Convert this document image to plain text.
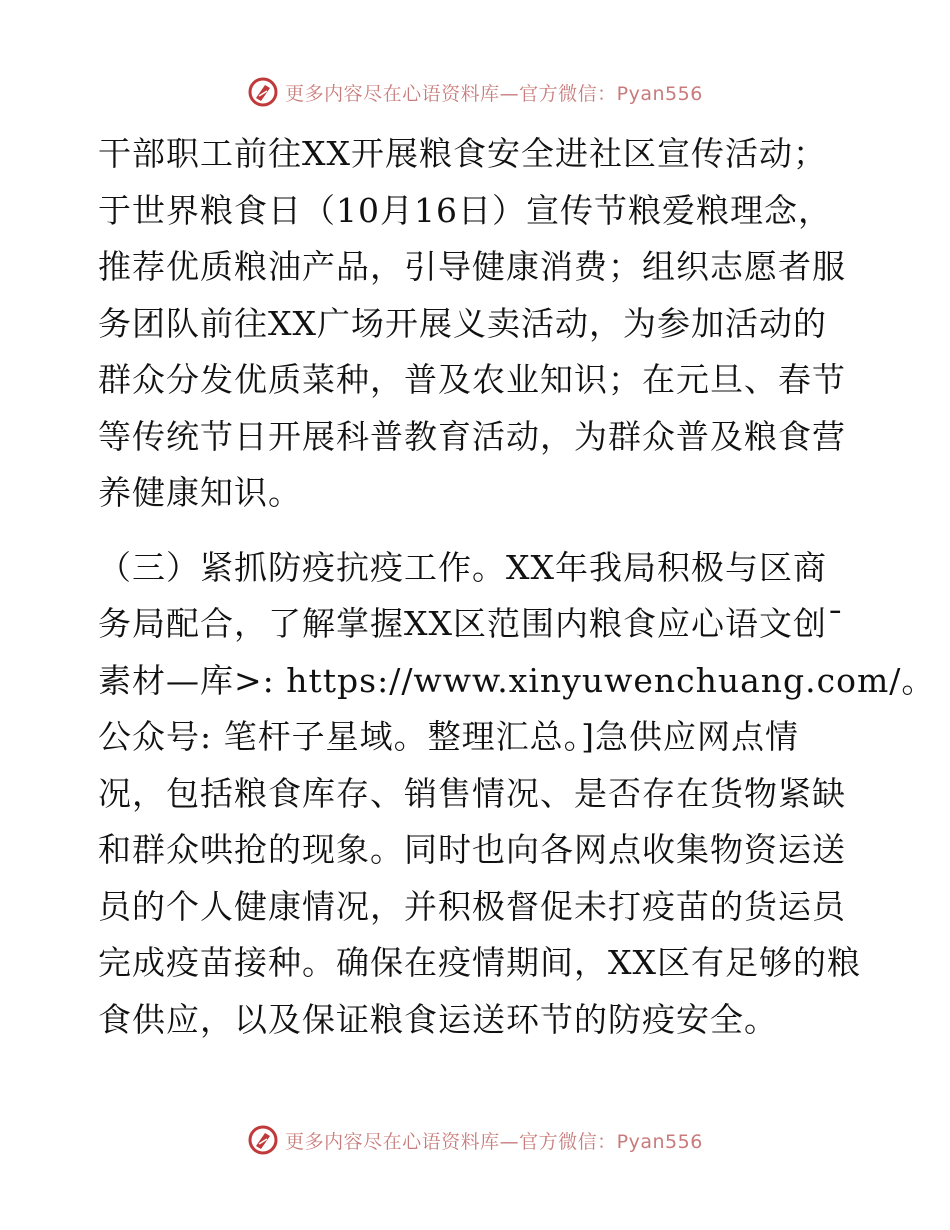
更多内容尽在心语资料库—官方微信：Pyan556
干部职工前往XX开展粮食安全进社区宣传活动；
于世界粮食日（10月16日）宣传节粮爱粮理念，
推荐优质粮油产品，引导健康消费；组织志愿者服
务团队前往XX广场开展义卖活动，为参加活动的
群众分发优质菜种，普及农业知识；在元旦、春节
等传统节日开展科普教育活动，为群众普及粮食营
养健康知识。
（三）紧抓防疫抗疫工作。XX年我局积极与区商
务局配合，了解掌握XX区范围内粮食应心语文创¯
素材—库>: https://www.xinyuwenchuang.com/。
公众号: 笔杆子星域。整理汇总。]急供应网点情
况，包括粮食库存、销售情况、是否存在货物紧缺
和群众哄抢的现象。同时也向各网点收集物资运送
员的个人健康情况，并积极督促未打疫苗的货运员
完成疫苗接种。确保在疫情期间，XX区有足够的粮
食供应，以及保证粮食运送环节的防疫安全。
更多内容尽在心语资料库—官方微信：Pyan556
